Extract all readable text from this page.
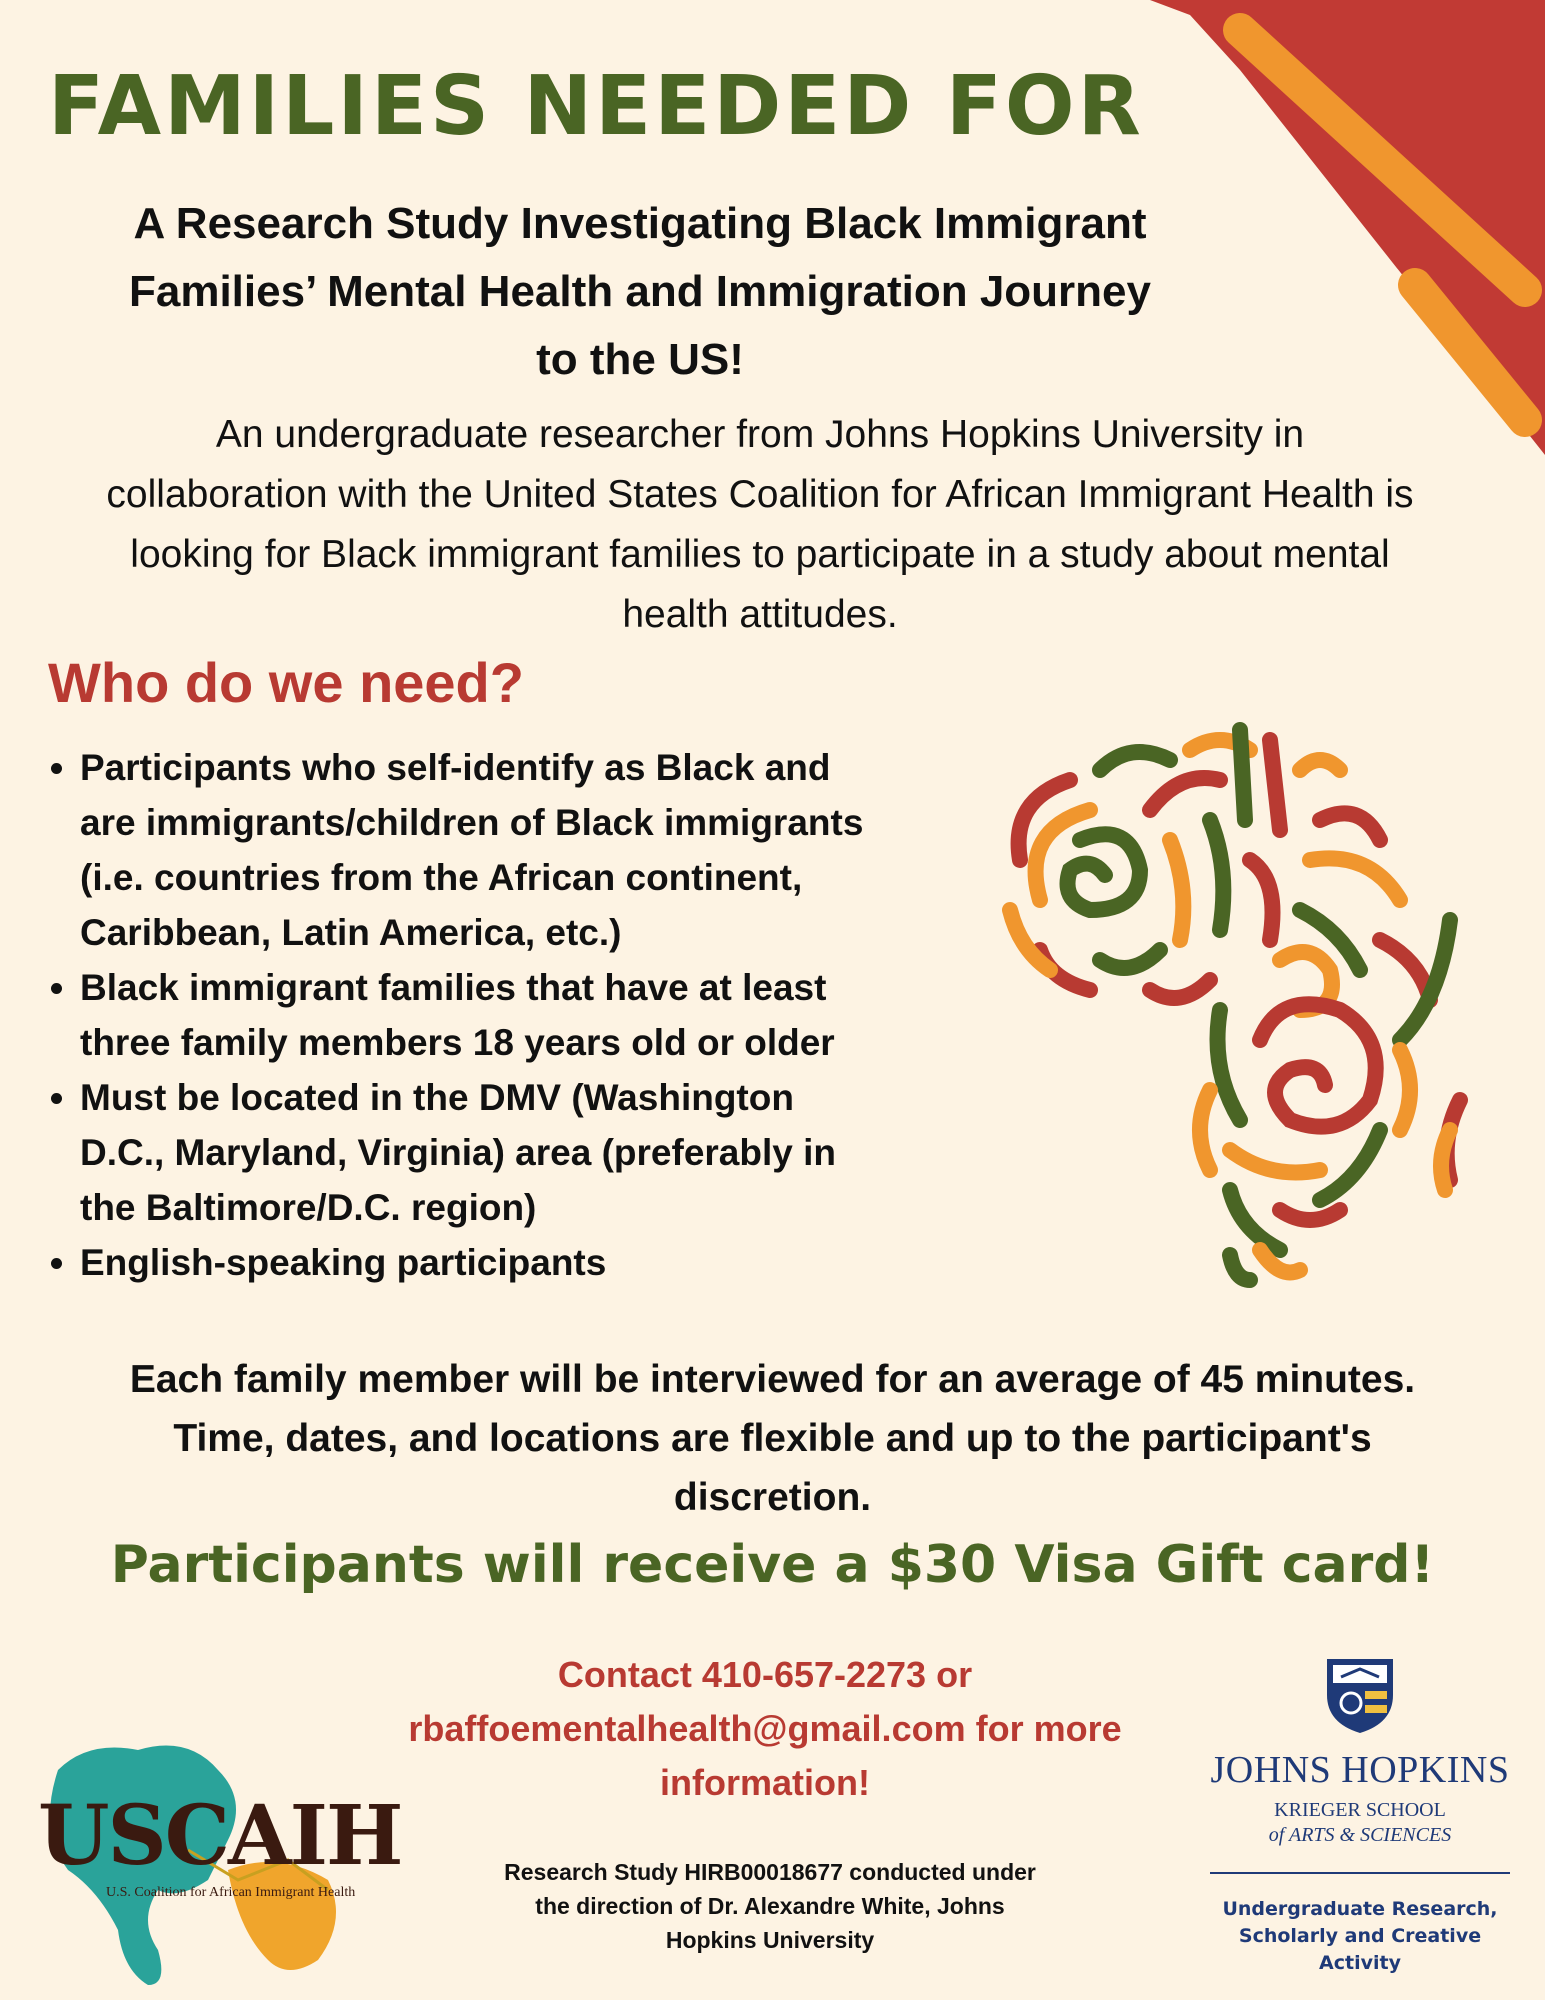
FAMILIES NEEDED FOR
A Research Study Investigating Black Immigrant
Families’ Mental Health and Immigration Journey
to the US!
An undergraduate researcher from Johns Hopkins University in
collaboration with the United States Coalition for African Immigrant Health is
looking for Black immigrant families to participate in a study about mental
health attitudes.
Who do we need?
• Participants who self-identify as Black and
are immigrants/children of Black immigrants
(i.e. countries from the African continent,
Caribbean, Latin America, etc.)
• Black immigrant families that have at least
three family members 18 years old or older
• Must be located in the DMV (Washington
D.C., Maryland, Virginia) area (preferably in
the Baltimore/D.C. region)
• English-speaking participants
Each family member will be interviewed for an average of 45 minutes.
Time, dates, and locations are flexible and up to the participant's
discretion.
Participants will receive a $30 Visa Gift card!
Contact 410-657-2273 or
rbaffoementalhealth@gmail.com for more
information!
Research Study HIRB00018677 conducted under
the direction of Dr. Alexandre White, Johns
Hopkins University
USCAIH
U.S. Coalition for African Immigrant Health
JOHNS HOPKINS
KRIEGER SCHOOL
of ARTS & SCIENCES
Undergraduate Research,
Scholarly and Creative
Activity
